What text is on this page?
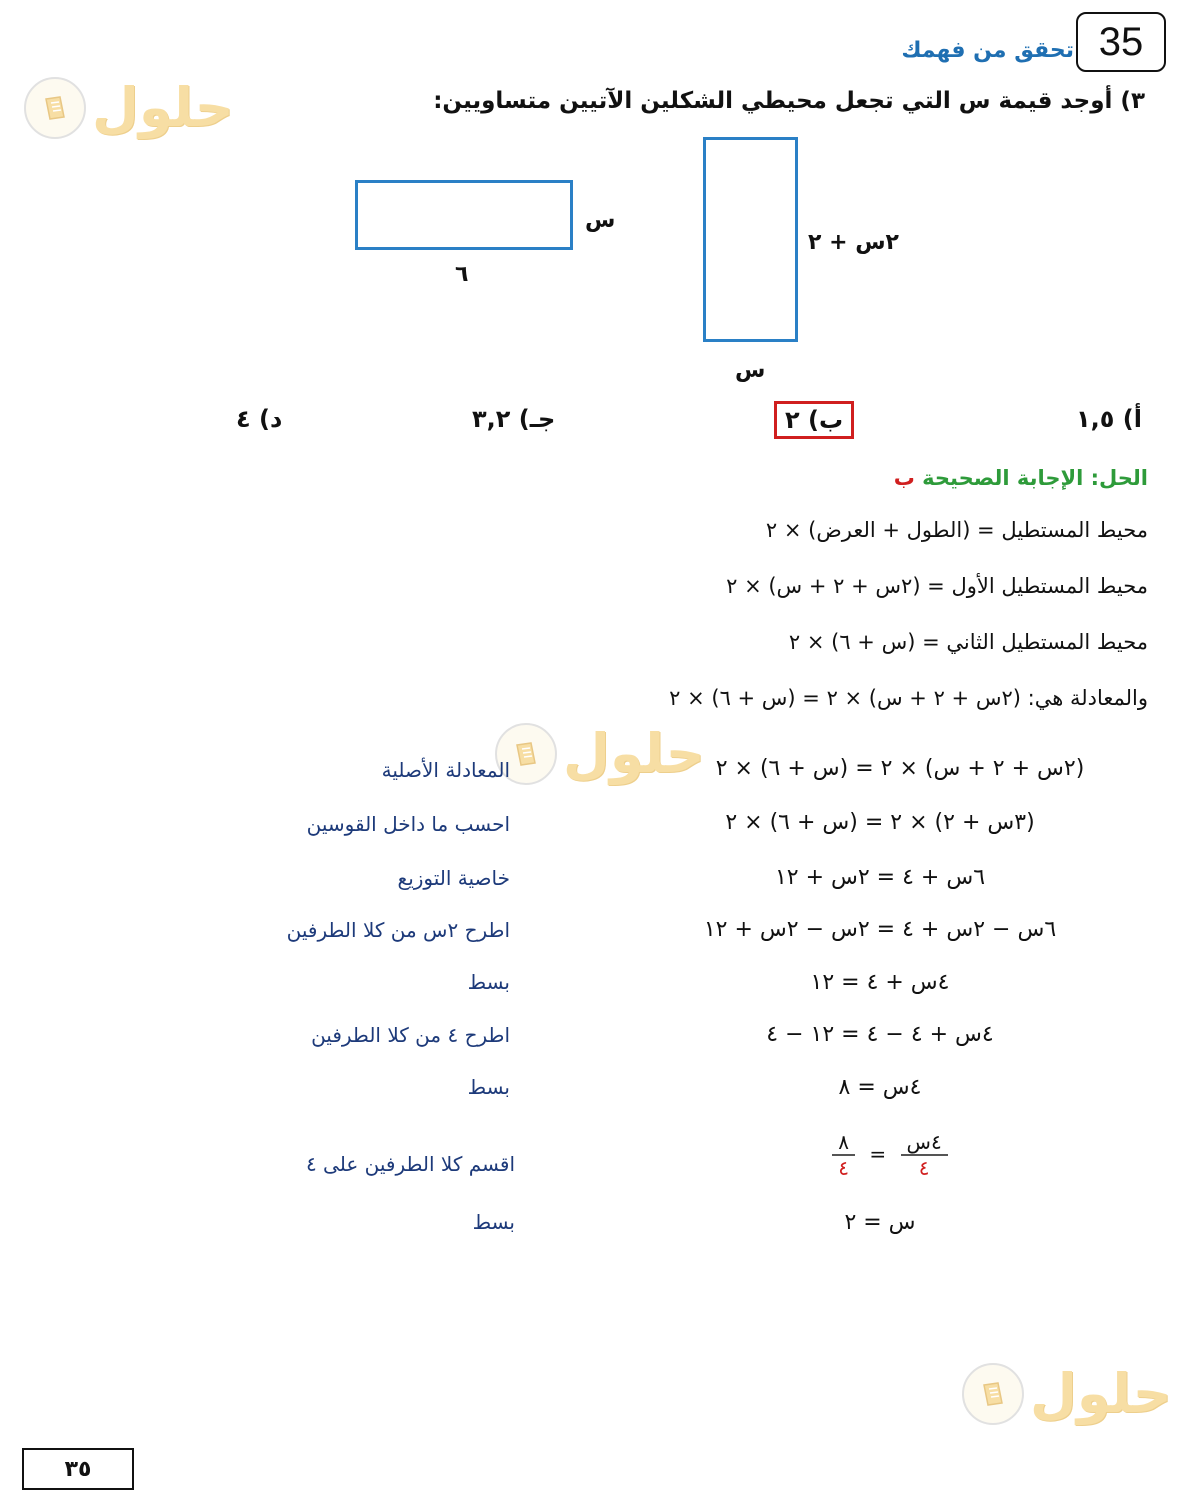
35
تحقق من فهمك
حلول	٣) أوجد قيمة س التي تجعل محيطي الشكلين الآتيين متساويين:
س
٦
٢س + ٢
س
أ) ١,٥
ب) ٢
جـ) ٣,٢
د) ٤
الحل: الإجابة الصحيحة ب
محيط المستطيل = (الطول + العرض) × ٢
محيط المستطيل الأول = (٢س + ٢ + س) × ٢
محيط المستطيل الثاني = (س + ٦) × ٢
والمعادلة هي: (٢س + ٢ + س) × ٢ = (س + ٦) × ٢
حلول (٢س + ٢ + س) × ٢ = (س + ٦) × ٢
المعادلة الأصلية
(٣س + ٢) × ٢ = (س + ٦) × ٢
احسب ما داخل القوسين
٦س + ٤ = ٢س + ١٢
خاصية التوزيع
٦س − ٢س + ٤ = ٢س − ٢س + ١٢
اطرح ٢س من كلا الطرفين
٤س + ٤ = ١٢
بسط
٤س + ٤ − ٤ = ١٢ − ٤
اطرح ٤ من كلا الطرفين
٤س = ٨
بسط
$\frac{٨}{٤} = \frac{\text{٤س}}{٤}$
اقسم كلا الطرفين على ٤
س = ٢
بسط
حلول
٣٥
